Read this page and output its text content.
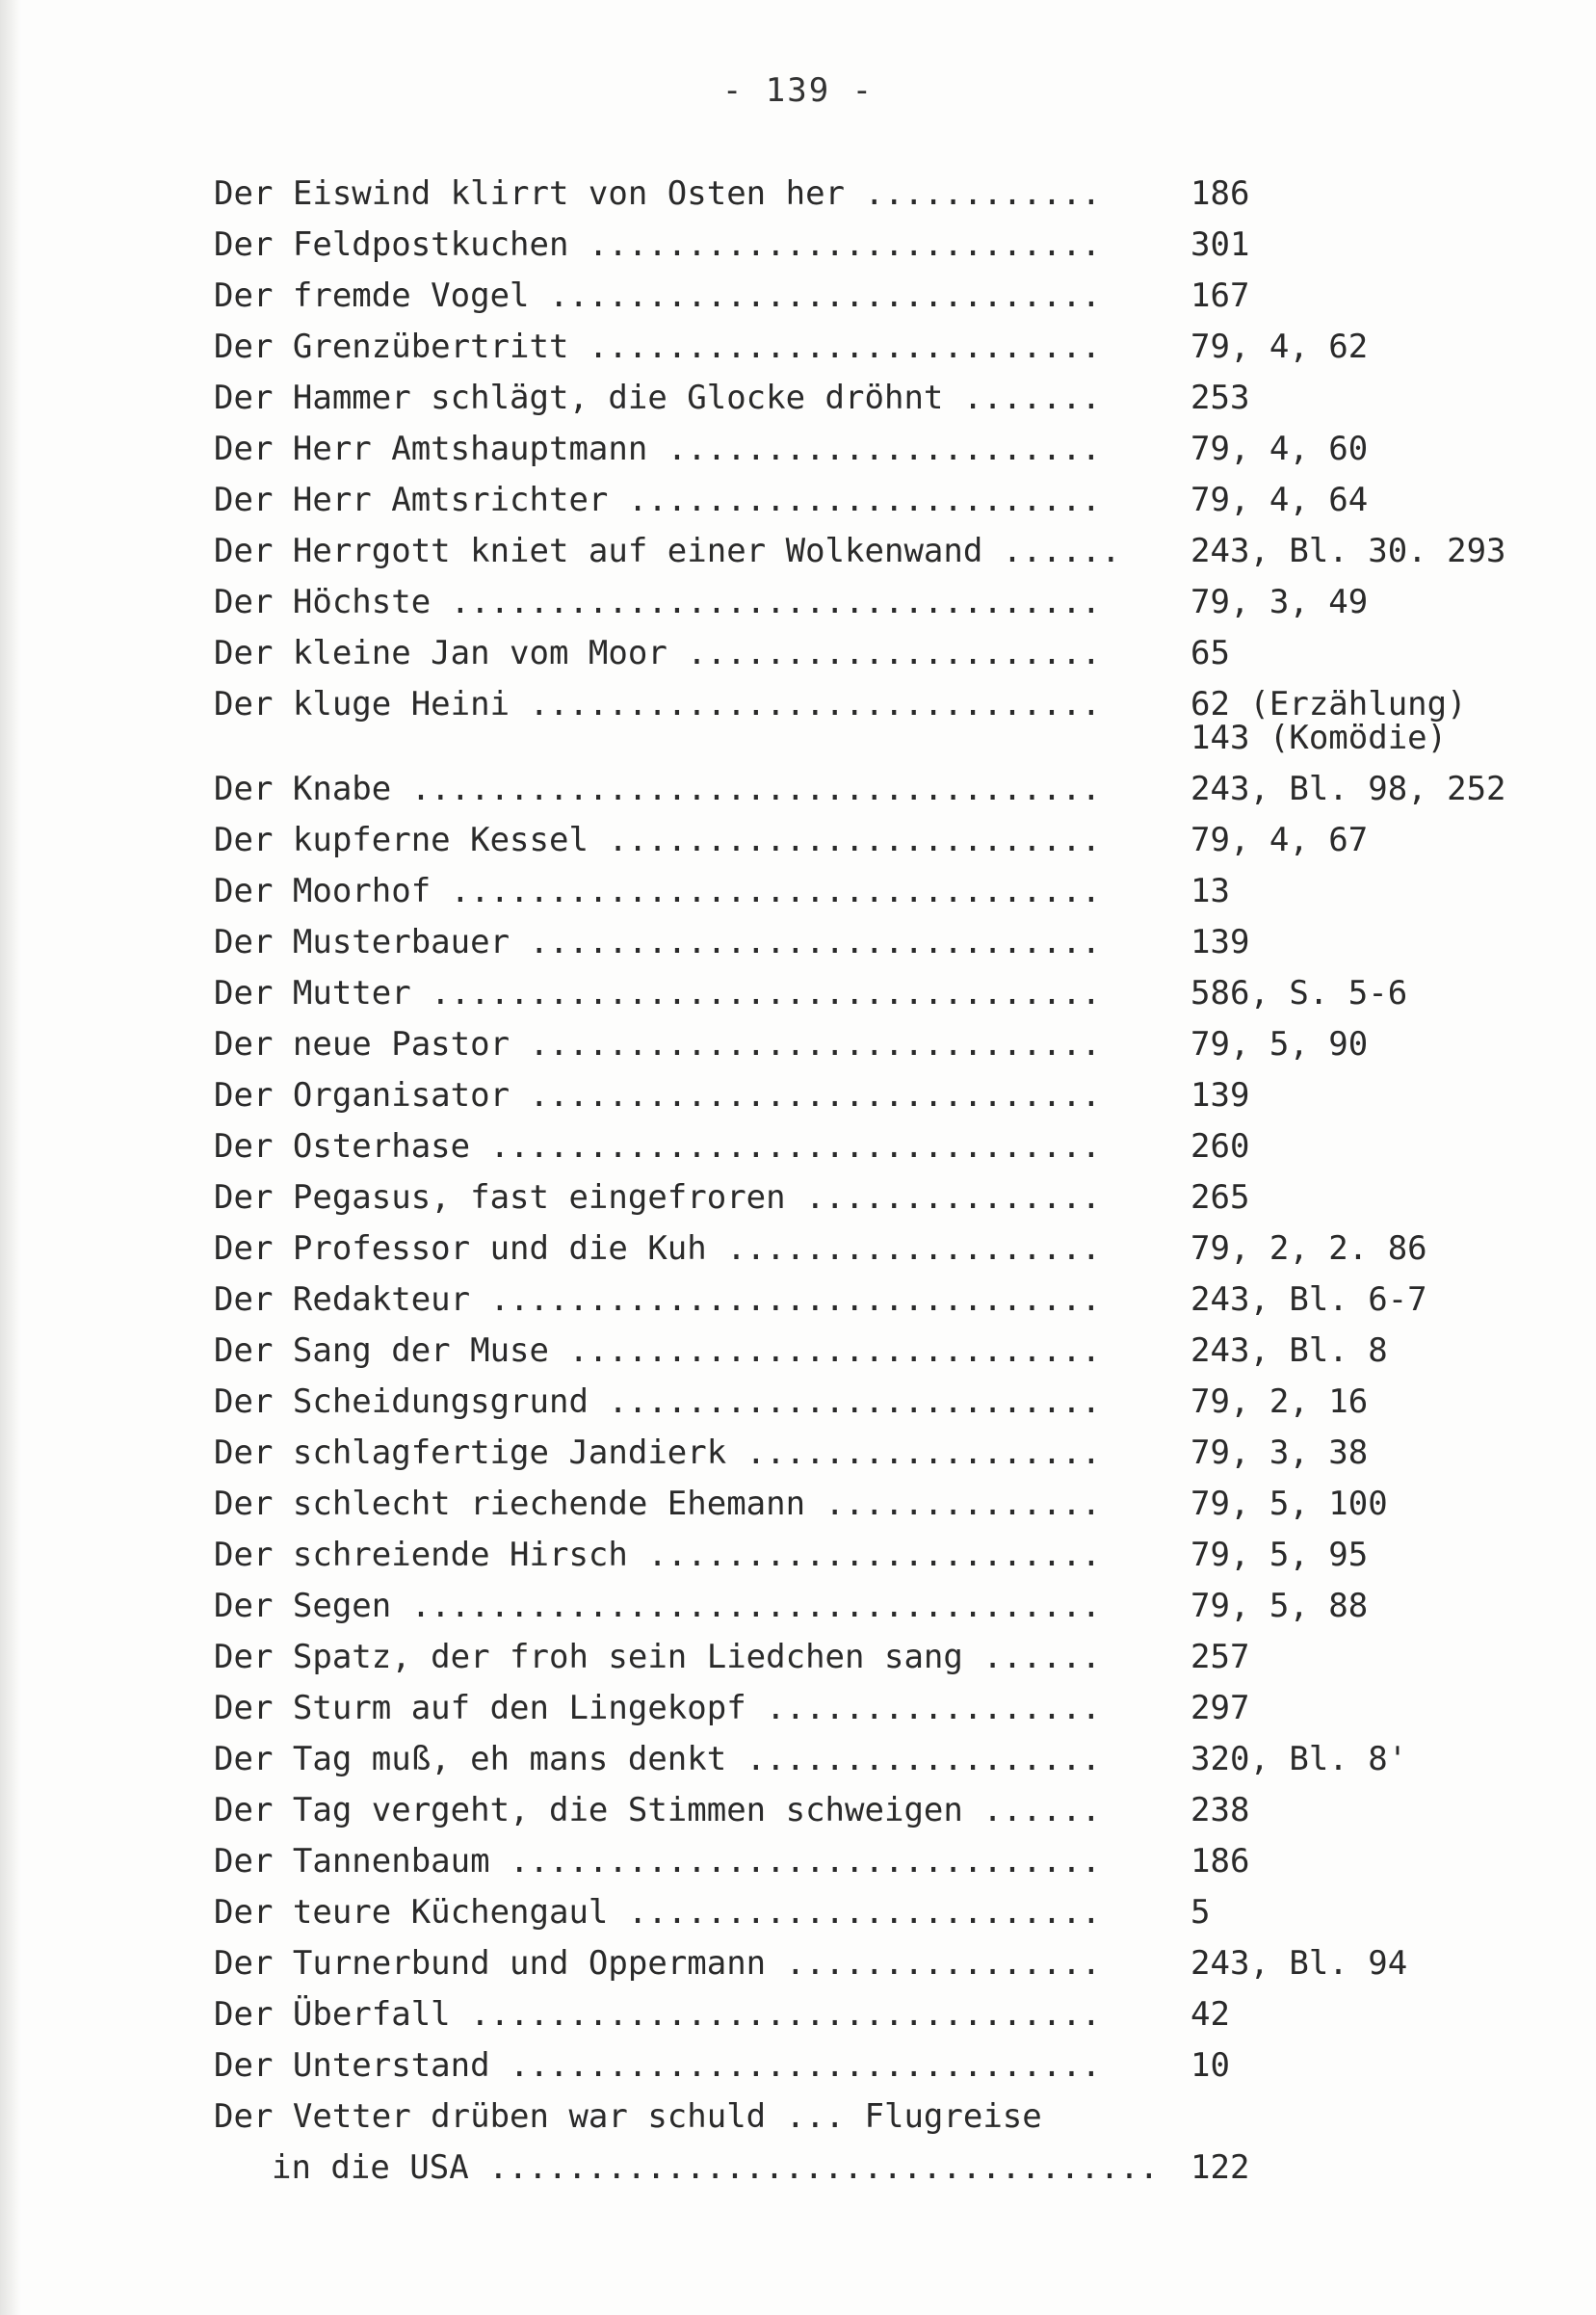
- 139 -
Der Eiswind klirrt von Osten her ............	186
Der Feldpostkuchen ..........................	301
Der fremde Vogel ............................	167
Der Grenzübertritt ..........................	79, 4, 62
Der Hammer schlägt, die Glocke dröhnt .......	253
Der Herr Amtshauptmann ......................	79, 4, 60
Der Herr Amtsrichter ........................	79, 4, 64
Der Herrgott kniet auf einer Wolkenwand ......	243, Bl. 30. 293
Der Höchste .................................	79, 3, 49
Der kleine Jan vom Moor .....................	65
Der kluge Heini .............................	62 (Erzählung)
143 (Komödie)
Der Knabe ...................................	243, Bl. 98, 252
Der kupferne Kessel .........................	79, 4, 67
Der Moorhof .................................	13
Der Musterbauer .............................	139
Der Mutter ..................................	586, S. 5-6
Der neue Pastor .............................	79, 5, 90
Der Organisator .............................	139
Der Osterhase ...............................	260
Der Pegasus, fast eingefroren ...............	265
Der Professor und die Kuh ...................	79, 2, 2. 86
Der Redakteur ...............................	243, Bl. 6-7
Der Sang der Muse ...........................	243, Bl. 8
Der Scheidungsgrund .........................	79, 2, 16
Der schlagfertige Jandierk ..................	79, 3, 38
Der schlecht riechende Ehemann ..............	79, 5, 100
Der schreiende Hirsch .......................	79, 5, 95
Der Segen ...................................	79, 5, 88
Der Spatz, der froh sein Liedchen sang ......	257
Der Sturm auf den Lingekopf .................	297
Der Tag muß, eh mans denkt ..................	320, Bl. 8'
Der Tag vergeht, die Stimmen schweigen ......	238
Der Tannenbaum ..............................	186
Der teure Küchengaul ........................	5
Der Turnerbund und Oppermann ................	243, Bl. 94
Der Überfall ................................	42
Der Unterstand ..............................	10
Der Vetter drüben war schuld ... Flugreise
in die USA .................................. 122
